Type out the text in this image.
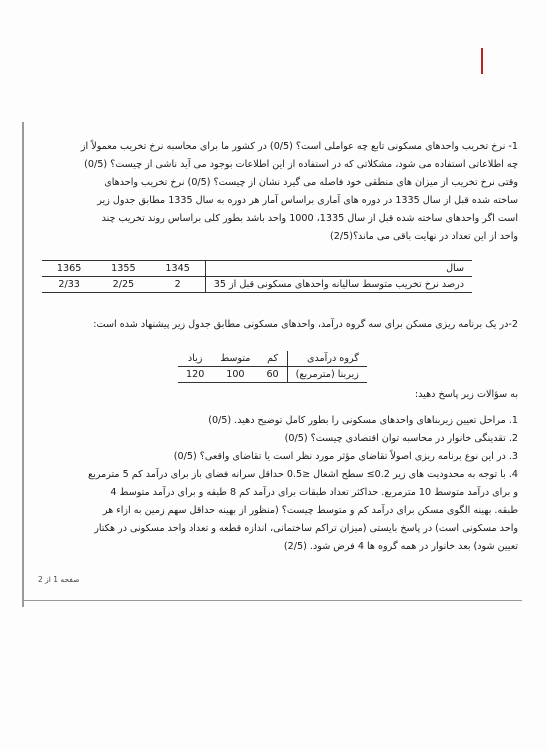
1- نرخ تخریب واحدهای مسکونی تابع چه عواملی است؟ (0/5) در کشور ما برای محاسبه نرخ تخریب معمولاً از
چه اطلاعاتی استفاده می شود، مشکلاتی که در استفاده از این اطلاعات بوجود می آید ناشی از چیست؟ (0/5)
وقتی نرخ تخریب از میزان های منطقی خود فاصله می گیرد نشان از چیست؟ (0/5) نرخ تخریب واحدهای
ساخته شده قبل از سال 1335 در دوره های آماری براساس آمار هر دوره به سال 1335 مطابق جدول زیر
است اگر واحدهای ساخته شده قبل از سال 1335، 1000 واحد باشد بطور کلی براساس روند تخریب چند
واحد از این تعداد در نهایت باقی می ماند؟(2/5)
سال	1345	1355	1365
درصد نرخ تخریب متوسط سالیانه واحدهای مسکونی قبل از 35	2	2/25	2/33
2-در یک برنامه ریزی مسکن برای سه گروه درآمد، واحدهای مسکونی مطابق جدول زیر پیشنهاد شده است:
گروه درآمدی	کم	متوسط	زیاد
زیربنا (مترمربع)	60	100	120
به سؤالات زیر پاسخ دهید:
1. مراحل تعیین زیربناهای واحدهای مسکونی را بطور کامل توضیح دهید. (0/5)
2. تقدینگی خانوار در محاسبه توان اقتصادی چیست؟ (0/5)
3. در این نوع برنامه ریزی اصولاً تقاضای مؤثر مورد نظر است یا تقاضای واقعی؟ (0/5)
4. با توجه به محدودیت های زیر 0.2≥ سطح اشغال ≤0.5 حداقل سرانه فضای باز برای درآمد کم 5 مترمربع
و برای درآمد متوسط 10 مترمربع. حداکثر تعداد طبقات برای درآمد کم 8 طبقه و برای درآمد متوسط 4
طبقه. بهینه الگوی مسکن برای درآمد کم و متوسط چیست؟ (منظور از بهینه حداقل سهم زمین به ازاء هر
واحد مسکونی است) در پاسخ بایستی (میزان تراکم ساختمانی، اندازه قطعه و تعداد واحد مسکونی در هکتار
تعیین شود) بعد خانوار در همه گروه ها 4 فرض شود. (2/5)
صفحه 1 از 2
